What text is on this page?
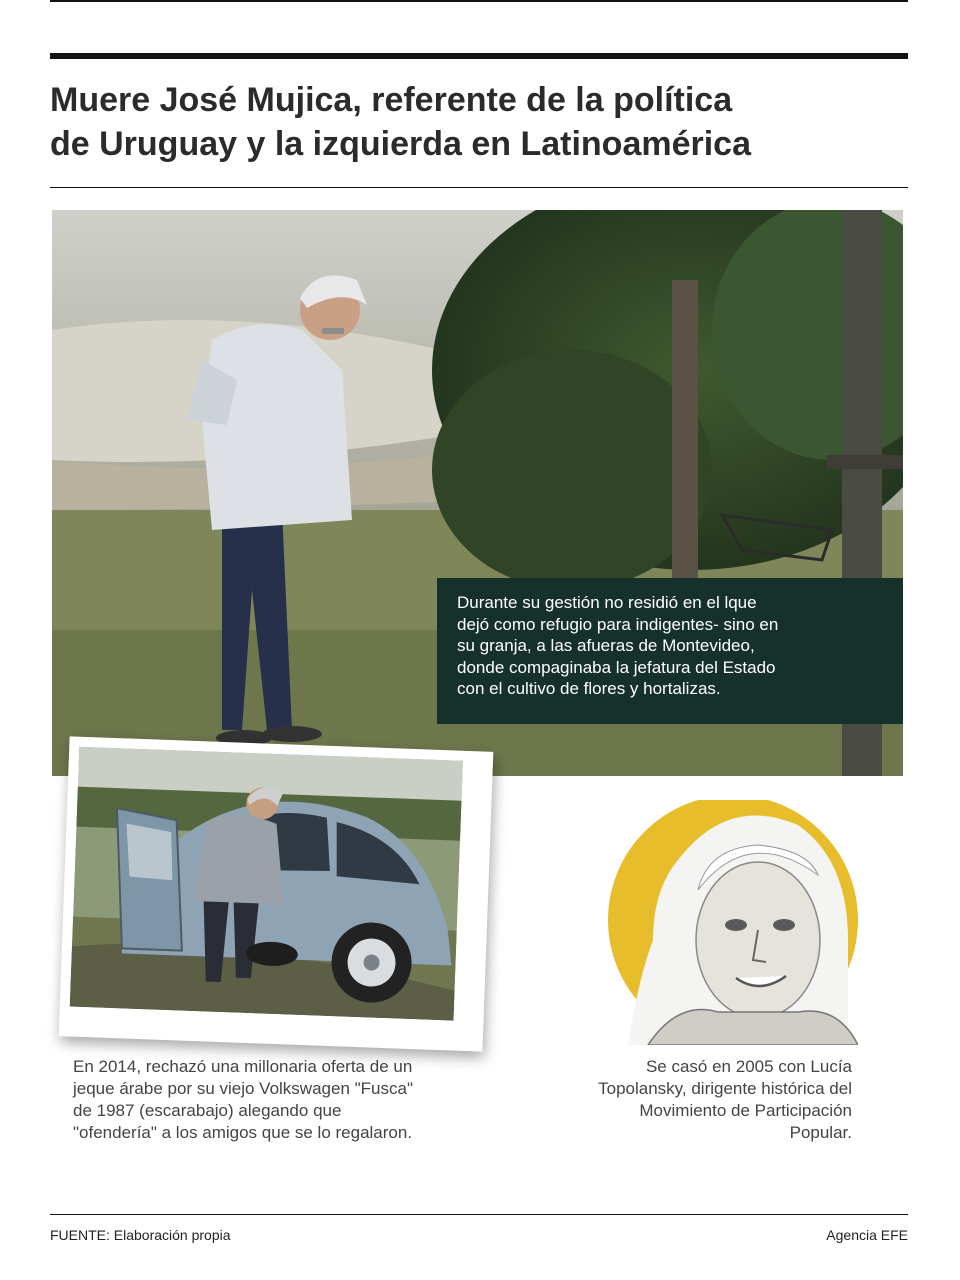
Muere José Mujica, referente de la política
de Uruguay y la izquierda en Latinoamérica
Durante su gestión no residió en el lque
dejó como refugio para indigentes- sino en
su granja, a las afueras de Montevideo,
donde compaginaba la jefatura del Estado
con el cultivo de flores y hortalizas.
En 2014, rechazó una millonaria oferta de un
jeque árabe por su viejo Volkswagen "Fusca"
de 1987 (escarabajo) alegando que
"ofendería" a los amigos que se lo regalaron.
Se casó en 2005 con Lucía
Topolansky, dirigente histórica del
Movimiento de Participación
Popular.
FUENTE: Elaboración propia	Agencia EFE
